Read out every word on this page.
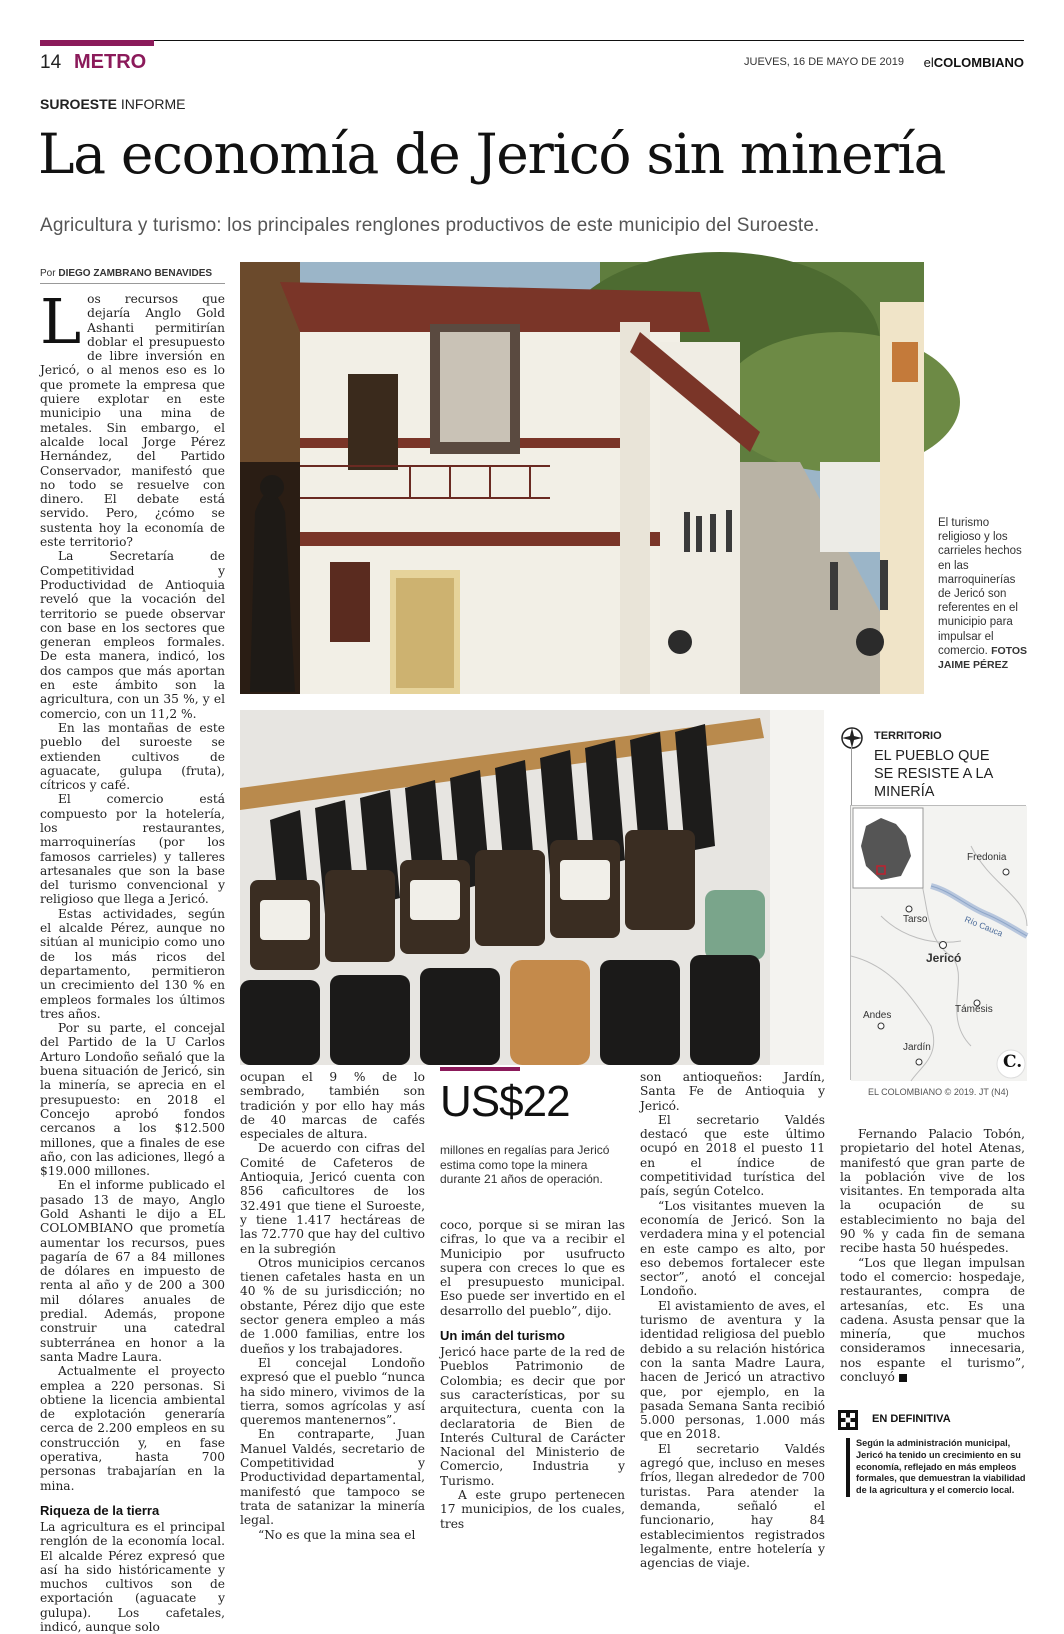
14 METRO	JUEVES, 16 DE MAYO DE 2019 elCOLOMBIANO
SUROESTE INFORME
La economía de Jericó sin minería
Agricultura y turismo: los principales renglones productivos de este municipio del Suroeste.
Por DIEGO ZAMBRANO BENAVIDES
L os recursos que dejaría Anglo Gold Ashanti permitirían doblar el presupuesto de libre inversión en Jericó, o al menos eso es lo que promete la empresa que quiere explotar en este municipio una mina de metales. Sin embargo, el alcalde local Jorge Pérez Hernández, del Partido Conservador, manifestó que no todo se resuelve con dinero. El debate está servido. Pero, ¿cómo se sustenta hoy la economía de este territorio?

La Secretaría de Competitividad y Productividad de Antioquia reveló que la vocación del territorio se puede observar con base en los sectores que generan empleos formales. De esta manera, indicó, los dos campos que más aportan en este ámbito son la agricultura, con un 35 %, y el comercio, con un 11,2 %.

En las montañas de este pueblo del suroeste se extienden cultivos de aguacate, gulupa (fruta), cítricos y café.

El comercio está compuesto por la hotelería, los restaurantes, marroquinerías (por los famosos carrieles) y talleres artesanales que son la base del turismo convencional y religioso que llega a Jericó.

Estas actividades, según el alcalde Pérez, aunque no sitúan al municipio como uno de los más ricos del departamento, permitieron un crecimiento del 130 % en empleos formales los últimos tres años.

Por su parte, el concejal del Partido de la U Carlos Arturo Londoño señaló que la buena situación de Jericó, sin la minería, se aprecia en el presupuesto: en 2018 el Concejo aprobó fondos cercanos a los $12.500 millones, que a finales de ese año, con las adiciones, llegó a $19.000 millones.

En el informe publicado el pasado 13 de mayo, Anglo Gold Ashanti le dijo a EL COLOMBIANO que prometía aumentar los recursos, pues pagaría de 67 a 84 millones de dólares en impuesto de renta al año y de 200 a 300 mil dólares anuales de predial. Además, propone construir una catedral subterránea en honor a la santa Madre Laura.

Actualmente el proyecto emplea a 220 personas. Si obtiene la licencia ambiental de explotación generaría cerca de 2.200 empleos en su construcción y, en fase operativa, hasta 700 personas trabajarían en la mina.

Riqueza de la tierra

La agricultura es el principal renglón de la economía local. El alcalde Pérez expresó que así ha sido históricamente y muchos cultivos son de exportación (aguacate y gulupa). Los cafetales, indicó, aunque solo

El turismo religioso y los carrieles hechos en las marroquinerías de Jericó son referentes en el municipio para impulsar el comercio. FOTOS JAIME PÉREZ
TERRITORIO
EL PUEBLO QUE SE RESISTE A LA MINERÍA
Fredonia
Tarso
Jericó
Támesis
Andes
Jardín
Río Cauca
C.
EL COLOMBIANO © 2019. JT (N4)

ocupan el 9 % de lo sembrado, también son tradición y por ello hay más de 40 marcas de cafés especiales de altura.

De acuerdo con cifras del Comité de Cafeteros de Antioquia, Jericó cuenta con 856 caficultores de los 32.491 que tiene el Suroeste, y tiene 1.417 hectáreas de las 72.770 que hay del cultivo en la subregión

Otros municipios cercanos tienen cafetales hasta en un 40 % de su jurisdicción; no obstante, Pérez dijo que este sector genera empleo a más de 1.000 familias, entre los dueños y los trabajadores.

El concejal Londoño expresó que el pueblo “nunca ha sido minero, vivimos de la tierra, somos agrícolas y así queremos mantenernos”.

En contraparte, Juan Manuel Valdés, secretario de Competitividad y Productividad departamental, manifestó que tampoco se trata de satanizar la minería legal.

“No es que la mina sea el

US$22
millones en regalías para Jericó estima como tope la minera durante 21 años de operación.

coco, porque si se miran las cifras, lo que va a recibir el Municipio por usufructo supera con creces lo que es el presupuesto municipal. Eso puede ser invertido en el desarrollo del pueblo”, dijo.

Un imán del turismo

Jericó hace parte de la red de Pueblos Patrimonio de Colombia; es decir que por sus características, por su arquitectura, cuenta con la declaratoria de Bien de Interés Cultural de Carácter Nacional del Ministerio de Comercio, Industria y Turismo.

A este grupo pertenecen 17 municipios, de los cuales, tres

son antioqueños: Jardín, Santa Fe de Antioquia y Jericó.

El secretario Valdés destacó que este último ocupó en 2018 el puesto 11 en el índice de competitividad turística del país, según Cotelco.

“Los visitantes mueven la economía de Jericó. Son la verdadera mina y el potencial en este campo es alto, por eso debemos fortalecer este sector”, anotó el concejal Londoño.

El avistamiento de aves, el turismo de aventura y la identidad religiosa del pueblo debido a su relación histórica con la santa Madre Laura, hacen de Jericó un atractivo que, por ejemplo, en la pasada Semana Santa recibió 5.000 personas, 1.000 más que en 2018.

El secretario Valdés agregó que, incluso en meses fríos, llegan alrededor de 700 turistas. Para atender la demanda, señaló el funcionario, hay 84 establecimientos registrados legalmente, entre hotelería y agencias de viaje.

Fernando Palacio Tobón, propietario del hotel Atenas, manifestó que gran parte de la población vive de los visitantes. En temporada alta la ocupación de su establecimiento no baja del 90 % y cada fin de semana recibe hasta 50 huéspedes.

“Los que llegan impulsan todo el comercio: hospedaje, restaurantes, compra de artesanías, etc. Es una cadena. Asusta pensar que la minería, que muchos consideramos innecesaria, nos espante el turismo”, concluyó

EN DEFINITIVA
Según la administración municipal, Jericó ha tenido un crecimiento en su economía, reflejado en más empleos formales, que demuestran la viabilidad de la agricultura y el comercio local.
